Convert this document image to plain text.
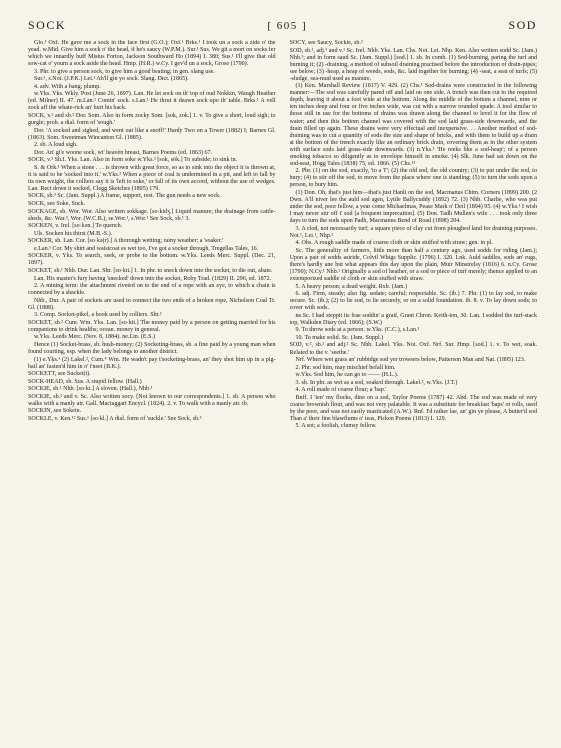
SOCK	[ 605 ]	SOD

Glo.¹ Oxf. He gave me a sock in the face first (G.O.); Oxf.¹ Brks.¹ I took un a sock a zide o' the yead. w.Mid. Give him a sock o' the head, if he's saucy (W.P.M.). Sur.¹ Sus. We git a mort on socks fer which we innardly huff Mistus Forton, Jackson Southward Ho (1894) I. 380; Sus.¹ I'll give that old sow-cat o' yourn a sock aside the head. Hmp. (H.R.) w.Cy. I gev'd un a sock, Grose (1790).

3. Phr. to give a person sock, to give him a good beating; in gen. slang use.

Sur.¹, s.Not. (J.P.K.) Lei.¹ Ah'll gin yo sock. Slang. Dict. (1865).

4. adv. With a bang; plump.

w.Yks. Yks. Wkly. Post (June 26, 1897). Lan. He let sock on th' top of oud Nokkin, Waugh Heather (ed. Milner) II. 47. m.Lan.¹ Comin' sock. s.Lan.¹ He thrut it deawn sock upo th' table. Brks.¹ A vell zock aff the whate-rick an' hurt his back.

SOCK, v.² and sb.² Dor. Som. Also in form zocky Som. [sok, zok.] 1. v. To give a short, loud sigh; to gurgle; prob. a dial. form of 'sough.'

Dor. 'A socked and sighed, and went out like a snoff!' Hardy Two on a Tower (1882) I; Barnes Gl. (1863). Som. Sweetman Wincanton Gl. (1885).

2. sb. A loud sigh.

Dor. An' gi'e woone sock, wi' heavèn breast, Barnes Poems (ed. 1863) 67.

SOCK, v.³ Sh.I. Yks. Lan. Also in form soke w.Yks.² [sok, sōk.] To subside; to sink in.

S. & Ork.¹ When a stone . . . is thrown with great force, so as to sink into the object it is thrown at, it is said to be 'socked into it.' w.Yks.² When a piece of coal is undermined in a pit, and left to fall by its own weight, the colliers say it is 'left to soke,' or fall of its own accord, without the use of wedges. Lan. Rect down it socked, Clegg Sketches (1895) 179.

SOCK, sb.³ Sc. (Jam. Suppl.) A frame, support, rest. The gun needs a new sock.

SOCK, see Soke, Suck.

SOCKAGE, sb. Wor. Wor. Also written sokkage. [so·kidʒ.] Liquid manure; the drainage from cattle-sheds, &c. War.³, Wor. (W.C.B.), se.Wor.¹, s.Wor.¹ See Sock, sb.¹ 3.

SOCKEN, v. Irel. [so·kən.] To quench.

Uls. Socken his thirst (M.B.-S.).

SOCKER, sb. Lan. Cor. [so·kə(r).] A thorough wetting; rainy weather; a 'soaker.'

e.Lan.¹ Cor. My shirt and waistcoat es wet too, I've got a socker through, Tregellas Tales, 16.

SOCKER, v. Yks. To search, seek, or probe to the bottom. w.Yks. Leeds Merc. Suppl. (Dec. 21, 1897).

SOCKET, sb.¹ Nhb. Dur. Lan. Shr. [so·kit.] 1. In phr. to sneck down into the socket, to die out, abate.

Lan. His master's fury having 'snecked' down into the socket, Roby Trad. (1829) II. 296, ed. 1872.

2. A mining term: the attachment riveted on to the end of a rope with an eye, to which a chain is connected by a shackle.

Nhb., Dur. A pair of sockets are used to connect the two ends of a broken rope, Nicholson Coal Tr. Gl. (1888).

3. Comp. Socket-pikel, a hook used by colliers. Shr.²

SOCKET, sb.² Cum. Wm. Yks. Lan. [so·kit.] The money paid by a person on getting married for his companions to drink healths; ocean. money in general.

w.Yks. Leeds Merc. (Nov. 8, 1884). ne.Lin. (E.S.)

Hence (1) Socket-brass, sb. hush-money; (2) Socketing-brass, sb. a fine paid by a young man when found courting, esp. when the lady belongs to another district.

(1) e.Yks.¹ (2) Lakel.², Cum.⁴ Wm. He wadn't pay t'socketing-brass, an' they shot him up in a pig-bail an' fasten'd him in o' t'neet (B.K.).

SOCKETT, see Sucket(t).

SOCK-HEAD, sb. Sus. A stupid fellow. (Hall.)

SOCKIE, sb.¹ Nhb. [so·ki.] A sloven. (Hall.), Nhb.¹

SOCKIE, sb.² and v. Sc. Also written socy. [Not known to our correspondents.] 1. sb. A person who walks with a manly air. Gall. Mactaggart Encycl. (1824). 2. v. To walk with a manly air. ib.

SOCKIN, see Sokein.

SOCKLE, v. Ken.¹² Sus.¹ [so·kl.] A dial. form of 'suckle.' See Sock, sb.³

SOCY, see Saucy, Sockie, sb.²

SOD, sb.¹, adj.¹ and v.¹ Sc. Irel. Nhb. Yks. Lan. Chs. Not. Lei. Nhp. Ken. Also written sodd Sc. (Jam.) Nhb.¹; and in form saud Sc. (Jam. Suppl.) [sod.] 1. sb. In comb. (1) Sod-burning, paring the turf and burning it; (2) -draining, a method of subsoil draining practised before the introduction of drain-pipes; see below; (3) -heap, a heap of weeds, sods, &c. laid together for burning; (4) -seat, a seat of turfs; (5) -sludge, sea-mud used as manure.

(1) Ken. Marshall Review (1817) V. 429. (2) Chs.¹ Sod-drains were constructed in the following manner:—The sod was carefully pared off and laid on one side. A trench was then cut to the required depth, leaving it about a foot wide at the bottom. Along the middle of the bottom a channel, nine or ten inches deep and four or five inches wide, was cut with a narrow rounded spade. A tool similar to those still in use for the bottoms of drains was drawn along the channel to level it for the flow of water; and then this bottom channel was covered with the sod laid grass-side downwards, and the drain filled up again. These drains were very effectual and inexpensive. . . Another method of sod-draining was to cut a quantity of sods the size and shape of bricks, and with them to build up a drain at the bottom of the trench exactly like an ordinary brick drain, covering them as in the other system with surface sods laid grass-side downwards. (3) n.Yks.¹ 'He reeks like a sod-heap'; of a person smoking tobacco so diligently as to envelope himself in smoke. (4) Slk. June had sat down on the sod-seat, Hogg Tales (1838) 75, ed. 1866. (5) Chs.¹³

2. Phr. (1) on the sod, exactly, 'to a T'; (2) the old sod, the old country; (3) to put under the sod, to bury; (4) to stir off the sod, to move from the place where one is standing; (5) to turn the sods upon a person, to bury him.

(1) Don. Oh, that's just him—that's just Hanli on the sod, Macmanus Chim. Corners (1899) 200. (2 Dwn. A'll niver lee the auld sod agen, Lyttle Ballycuddy (1892) 72. (3) Nhb. Charlie, who was put under the sod, poor fellow, a year come Michaelmas, Pease Mark o' Deil (1894) 95. (4) w.Yks.¹ I wish I may never stir off t' sod [a frequent imprecation]. (5) Don. Tadh Mullen's wife . . . took only three days to turn the sods upon Padh, Macmanus Bend of Road (1898) 204.

3. A clod, not necessarily turf; a square piece of clay cut from ploughed land for draining purposes. Not.¹, Lei.¹, Nhp.¹

4. Obs. A rough saddle made of coarse cloth or skin stuffed with straw; gen. in pl.

Sc. The generality of farmers, little more than half a century ago, used sodds for riding (Jam.); Upon a pair of sodds astride, Colvil Whigs Supplic. (1796) I. 320. Lnk. Auld saddles, sods an' rugs, there's hardly ane but what appears this day upon the plain, Muir Minstrelsy (1816) 6. n.Cy. Grose (1790); N.Cy.¹ Nhb.¹ Originally a sod of heather, or a sod or piece of turf merely; thence applied to an extemporized saddle of cloth or skin stuffed with straw.

5. A heavy person; a dead weight. Rxb. (Jam.)

6. adj. Firm, steady; also fig. sedate; careful; respectable. Sc. (ib.) 7. Phr. (1) to lay sod, to make secure. Sc. (ib.); (2) to lie sod, to lie securely, or on a solid foundation. ib. 8. v. To lay down sods; to cover with sods.

ne.Sc. I had steppit its frae soddin' a graif, Grant Chron. Keith-ton, 30. Lan. I sodded the turf-stack top, Walkden Diary (ed. 1866); (S.W.)

9. To throw sods at a person. w.Yks. (C.C.), s.Lan.¹

10. To make solid. Sc. (Jam. Suppl.)

SOD, v.², sb.² and adj.² Sc. Nhb. Lakel. Yks. Not. Oxf. Nrf. Sur. Hmp. [sod.] 1. v. To wet, soak. Related to the v. 'seethe.'

Nrf. Where wet grass an' rubbidge sod yer trowsers below, Patterson Man and Nat. (1895) 123.

2. Phr. sod him, may mischief befall him.

w.Yks. Sod him, he can go to —— (H.L.).

3. sb. In phr. as wet as a sod, soaked through. Lakel.², w.Yks. (J.T.)

4. A roll made of coarse flour; a 'bap.'

Bnff. I 'ten' my flocks, dine on a sod, Taylor Poems (1787) 42. Abd. The sod was made of very coarse brownish flour, and was not very palatable. It was a substitute for breakfast 'baps' or rolls, used by the poor, and was not easily masticated (A.W.). Rnf. I'd rather lae, an' gin ye please, A butter'd sod Than a' their fine blawflums o' teas, Picken Poems (1813) I. 129.

5. A sot; a foolish, clumsy fellow.
